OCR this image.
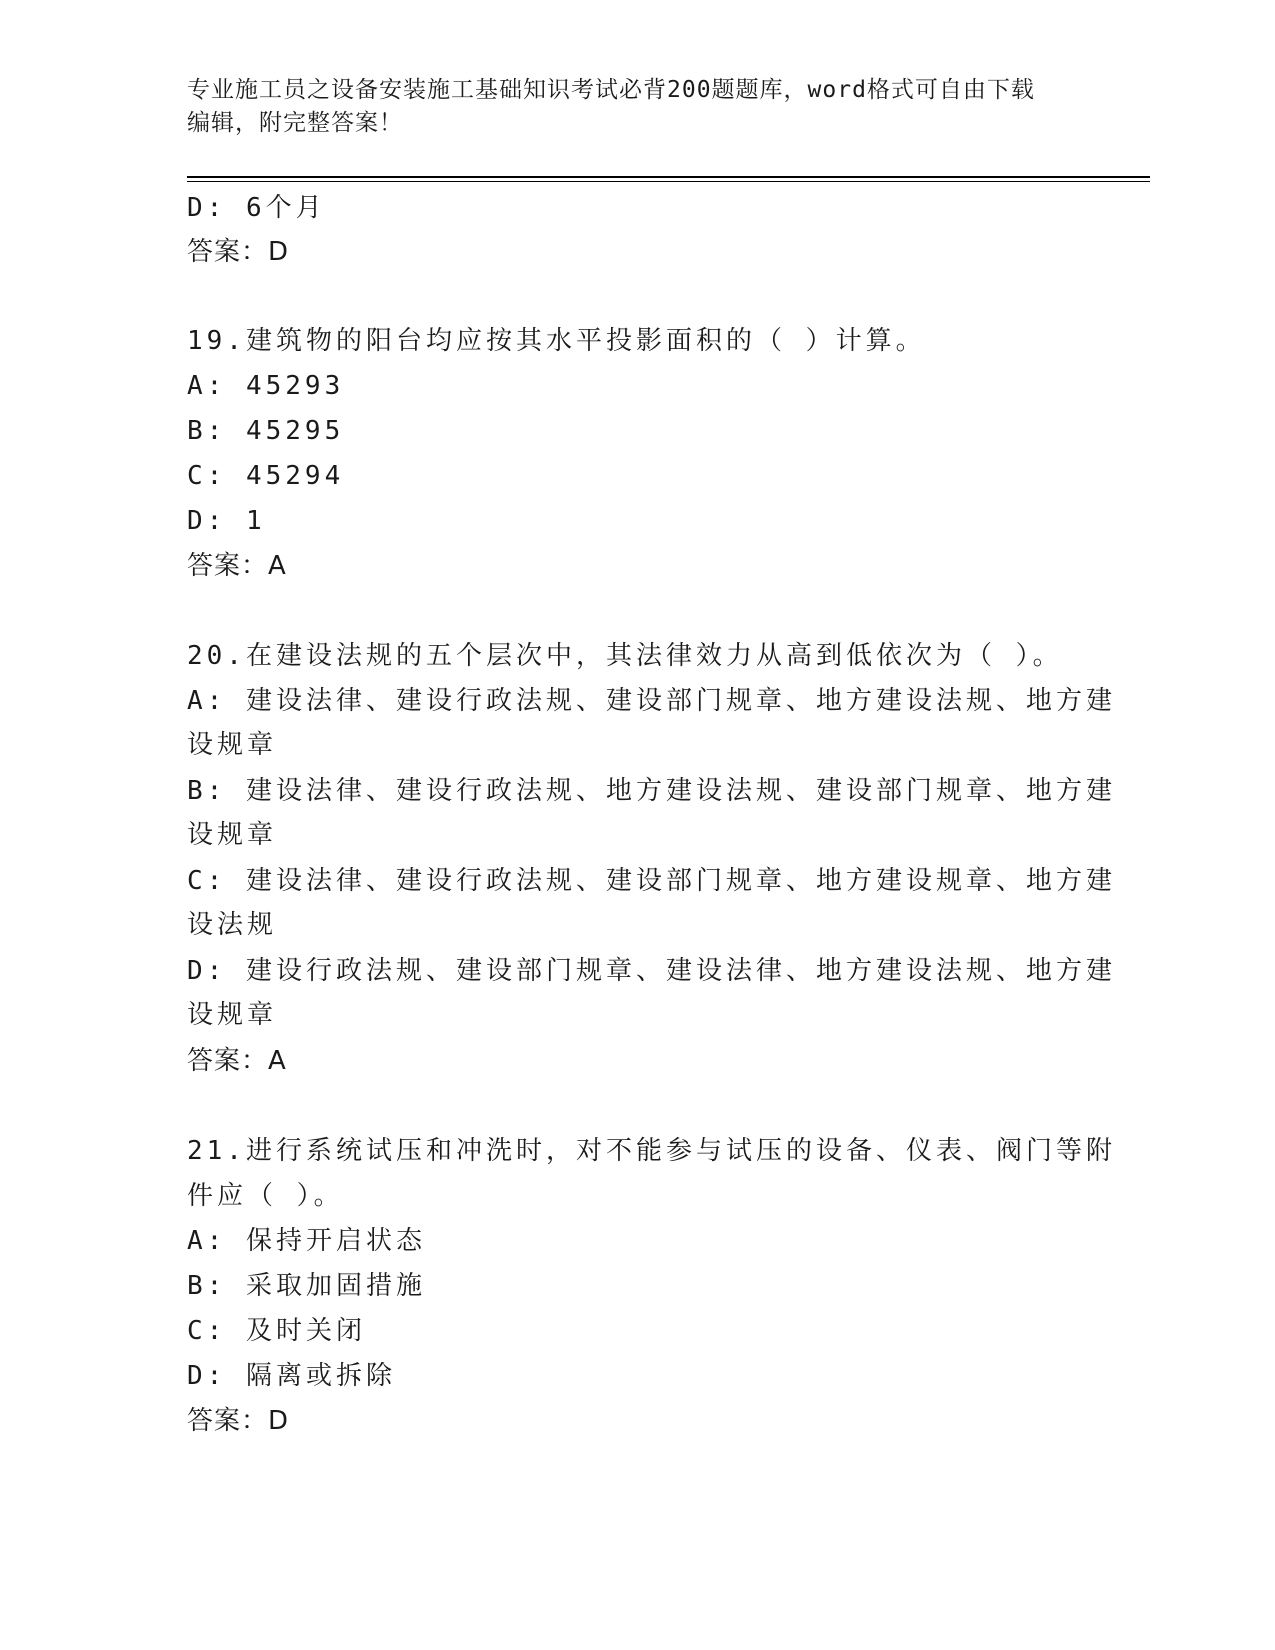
专业施工员之设备安装施工基础知识考试必背200题题库，word格式可自由下载
编辑，附完整答案！
D: 6个月
答案：D
19.建筑物的阳台均应按其水平投影面积的（ ）计算。
A: 45293
B: 45295
C: 45294
D: 1
答案：A
20.在建设法规的五个层次中，其法律效力从高到低依次为（ ）。
A: 建设法律、建设行政法规、建设部门规章、地方建设法规、地方建
设规章
B: 建设法律、建设行政法规、地方建设法规、建设部门规章、地方建
设规章
C: 建设法律、建设行政法规、建设部门规章、地方建设规章、地方建
设法规
D: 建设行政法规、建设部门规章、建设法律、地方建设法规、地方建
设规章
答案：A
21.进行系统试压和冲洗时，对不能参与试压的设备、仪表、阀门等附
件应（ ）。
A: 保持开启状态
B: 采取加固措施
C: 及时关闭
D: 隔离或拆除
答案：D
